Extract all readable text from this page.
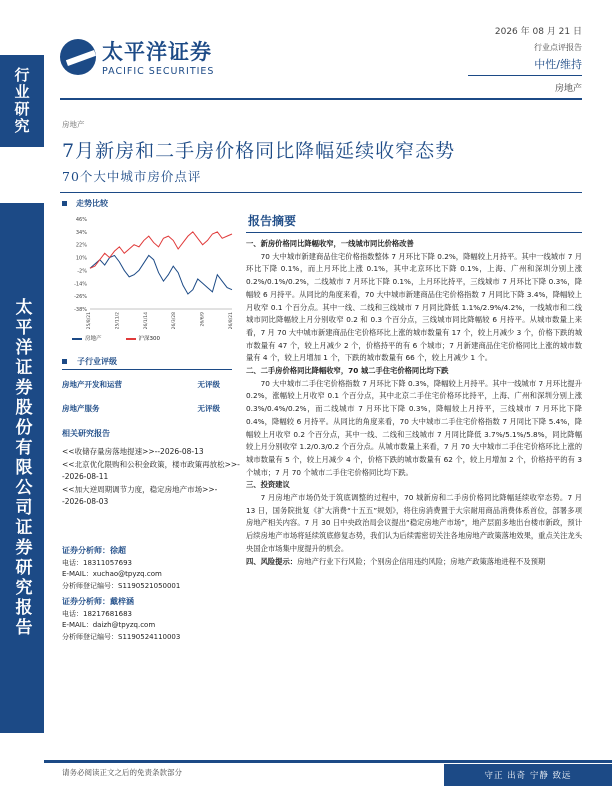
行业研究
太平洋证券股份有限公司证券研究报告
太平洋证券
PACIFIC SECURITIES
2026 年 08 月 21 日
行业点评报告
中性/维持
房地产
房地产
7月新房和二手房价格同比降幅延续收窄态势
70个大中城市房价点评
走势比较
46%
34%
22%
10%
-2%
-14%
-26%
-38%
25/8/21	25/11/2	26/1/14	26/3/28	26/6/9	26/8/21
房地产	沪深300
子行业评级
房地产开发和运营	无评级
房地产服务	无评级
相关研究报告

<<收储存量房落地提速>>--2026-08-13

<<北京优化限购和公积金政策，楼市政策再放松>>--2026-08-11

<<加大逆周期调节力度，稳定房地产市场>>--2026-08-03

证券分析师：徐超
电话：18311057693
E-MAIL：xuchao@tpyzq.com
分析师登记编号：S1190521050001
证券分析师：戴梓涵
电话：18217681683
E-MAIL：daizh@tpyzq.com
分析师登记编号：S1190524110003
报告摘要
一、新房价格同比降幅收窄，一线城市同比价格改善

70 大中城市新建商品住宅价格指数整体 7 月环比下降 0.2%，降幅较上月持平。其中一线城市 7 月环比下降 0.1%，而上月环比上涨 0.1%，其中北京环比下降 0.1%，上海、广州和深圳分别上涨 0.2%/0.1%/0.2%，二线城市 7 月环比下降 0.1%，上月环比持平，三线城市 7 月环比下降 0.3%，降幅较 6 月持平。从同比的角度来看，70 大中城市新建商品住宅价格指数 7 月同比下降 3.4%，降幅较上月收窄 0.1 个百分点。其中一线、二线和三线城市 7 月同比降低 1.1%/2.9%/4.2%，一线城市和二线城市同比降幅较上月分别收窄 0.2 和 0.3 个百分点，三线城市同比降幅较 6 月持平。从城市数量上来看，7 月 70 大中城市新建商品住宅价格环比上涨的城市数量有 17 个，较上月减少 3 个，价格下跌的城市数量有 47 个，较上月减少 2 个，价格持平的有 6 个城市；7 月新建商品住宅价格同比上涨的城市数量有 4 个，较上月增加 1 个，下跌的城市数量有 66 个，较上月减少 1 个。

二、二手房价格同比降幅收窄，70 城二手住宅价格同比均下跌

70 大中城市二手住宅价格指数 7 月环比下降 0.3%，降幅较上月持平。其中一线城市 7 月环比提升 0.2%，涨幅较上月收窄 0.1 个百分点，其中北京二手住宅价格环比持平，上海、广州和深圳分别上涨 0.3%/0.4%/0.2%，而二线城市 7 月环比下降 0.3%，降幅较上月持平，三线城市 7 月环比下降 0.4%，降幅较 6 月持平。从同比的角度来看，70 大中城市二手住宅价格指数 7 月同比下降 5.4%，降幅较上月收窄 0.2 个百分点，其中一线、二线和三线城市 7 月同比降低 3.7%/5.1%/5.8%，同比降幅较上月分别收窄 1.2/0.3/0.2 个百分点。从城市数量上来看，7 月 70 大中城市二手住宅价格环比上涨的城市数量有 5 个，较上月减少 4 个，价格下跌的城市数量有 62 个，较上月增加 2 个，价格持平的有 3 个城市；7 月 70 个城市二手住宅价格同比均下跌。

三、投资建议

7 月房地产市场仍处于筑底调整的过程中，70 城新房和二手房价格同比降幅延续收窄态势。7 月 13 日，国务院批复《扩大消费“十五五”规划》，将住房消费置于大宗耐用商品消费体系首位，部署多项房地产相关内容。7 月 30 日中央政治局会议提出“稳定房地产市场”，地产层面多地出台楼市新政，预计后续房地产市场将延续筑底修复态势，我们认为后续需密切关注各地房地产政策落地效果，重点关注龙头央国企市场集中度提升的机会。

四、风险提示：房地产行业下行风险；个别房企信用违约风险；房地产政策落地进程不及预期
请务必阅读正文之后的免责条款部分	守正 出奇 宁静 致远
